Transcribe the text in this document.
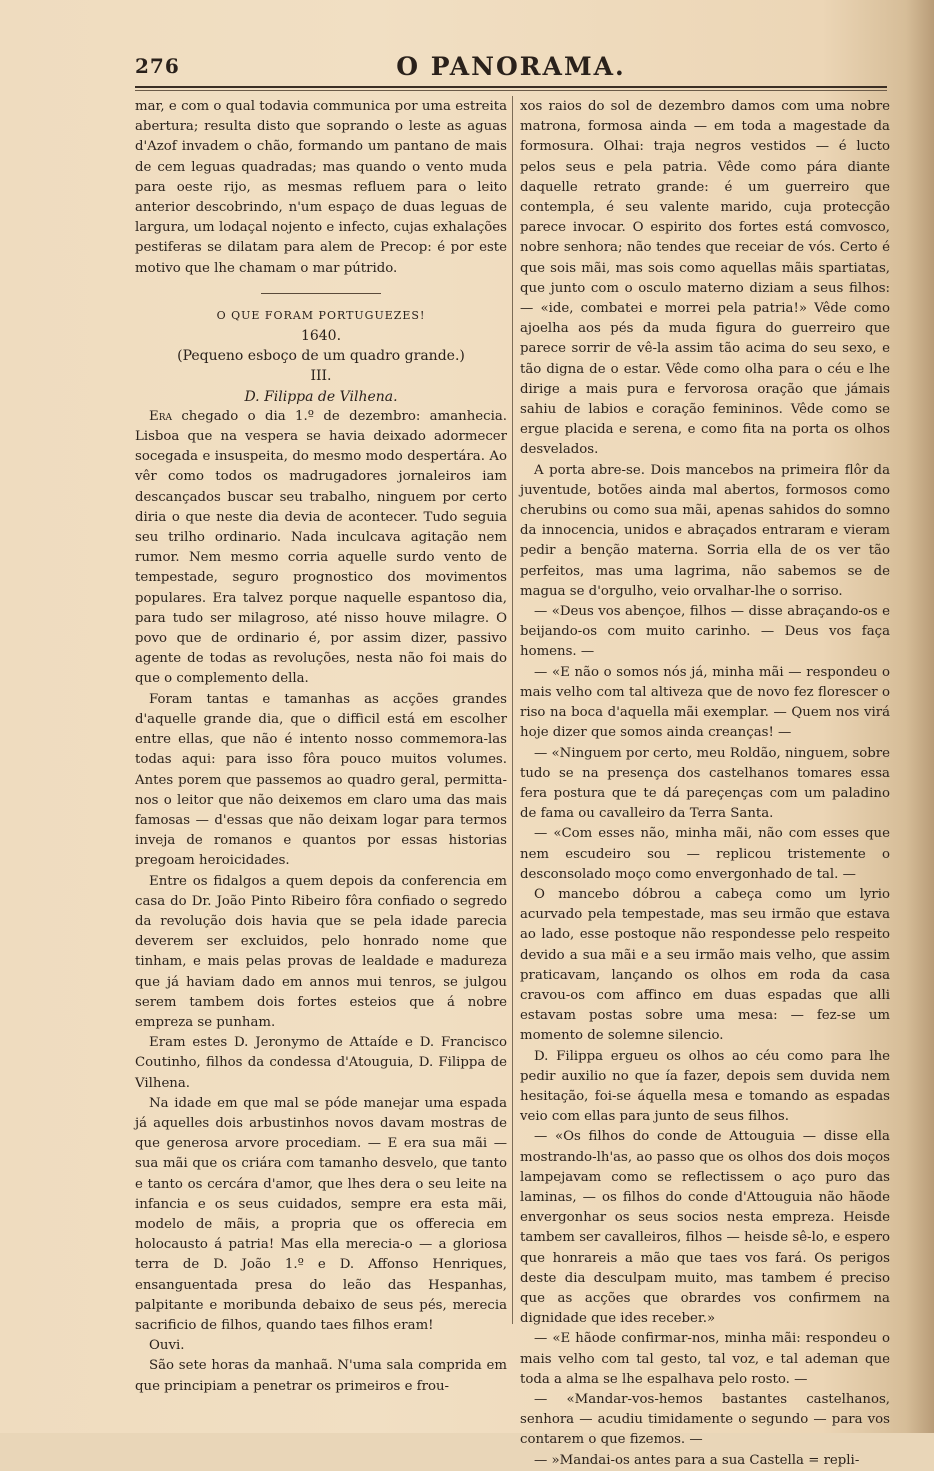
276	O PANORAMA.

mar, e com o qual todavia communica por uma estreita abertura; resulta disto que soprando o leste as aguas d'Azof invadem o chão, formando um pantano de mais de cem leguas quadradas; mas quando o vento muda para oeste rijo, as mesmas refluem para o leito anterior descobrindo, n'um espaço de duas leguas de largura, um lodaçal nojento e infecto, cujas exhalações pestiferas se dilatam para alem de Precop: é por este motivo que lhe chamam o mar pútrido.

O QUE FORAM PORTUGUEZES!

1640.

(Pequeno esboço de um quadro grande.)

III.

D. Filippa de Vilhena.

Era chegado o dia 1.º de dezembro: amanhecia. Lisboa que na vespera se havia deixado adormecer socegada e insuspeita, do mesmo modo despertára. Ao vêr como todos os madrugadores jornaleiros iam descançados buscar seu trabalho, ninguem por certo diria o que neste dia devia de acontecer. Tudo seguia seu trilho ordinario. Nada inculcava agitação nem rumor. Nem mesmo corria aquelle surdo vento de tempestade, seguro prognostico dos movimentos populares. Era talvez porque naquelle espantoso dia, para tudo ser milagroso, até nisso houve milagre. O povo que de ordinario é, por assim dizer, passivo agente de todas as revoluções, nesta não foi mais do que o complemento della.

Foram tantas e tamanhas as acções grandes d'aquelle grande dia, que o difficil está em escolher entre ellas, que não é intento nosso commemora-las todas aqui: para isso fôra pouco muitos volumes. Antes porem que passemos ao quadro geral, permitta-nos o leitor que não deixemos em claro uma das mais famosas — d'essas que não deixam logar para termos inveja de romanos e quantos por essas historias pregoam heroicidades.

Entre os fidalgos a quem depois da conferencia em casa do Dr. João Pinto Ribeiro fôra confiado o segredo da revolução dois havia que se pela idade parecia deverem ser excluidos, pelo honrado nome que tinham, e mais pelas provas de lealdade e madureza que já haviam dado em annos mui tenros, se julgou serem tambem dois fortes esteios que á nobre empreza se punham.

Eram estes D. Jeronymo de Attaíde e D. Francisco Coutinho, filhos da condessa d'Atouguia, D. Filippa de Vilhena.

Na idade em que mal se póde manejar uma espada já aquelles dois arbustinhos novos davam mostras de que generosa arvore procediam. — E era sua mãi — sua mãi que os criára com tamanho desvelo, que tanto e tanto os cercára d'amor, que lhes dera o seu leite na infancia e os seus cuidados, sempre era esta mãi, modelo de mãis, a propria que os offerecia em holocausto á patria! Mas ella merecia-o — a gloriosa terra de D. João 1.º e D. Affonso Henriques, ensanguentada presa do leão das Hespanhas, palpitante e moribunda debaixo de seus pés, merecia sacrificio de filhos, quando taes filhos eram!

Ouvi.

São sete horas da manhaã. N'uma sala comprida em que principiam a penetrar os primeiros e frou-

xos raios do sol de dezembro damos com uma nobre matrona, formosa ainda — em toda a magestade da formosura. Olhai: traja negros vestidos — é lucto pelos seus e pela patria. Vêde como pára diante daquelle retrato grande: é um guerreiro que contempla, é seu valente marido, cuja protecção parece invocar. O espirito dos fortes está comvosco, nobre senhora; não tendes que receiar de vós. Certo é que sois mãi, mas sois como aquellas mãis spartiatas, que junto com o osculo materno diziam a seus filhos: — «ide, combatei e morrei pela patria!» Vêde como ajoelha aos pés da muda figura do guerreiro que parece sorrir de vê-la assim tão acima do seu sexo, e tão digna de o estar. Vêde como olha para o céu e lhe dirige a mais pura e fervorosa oração que jámais sahiu de labios e coração femininos. Vêde como se ergue placida e serena, e como fita na porta os olhos desvelados.

A porta abre-se. Dois mancebos na primeira flôr da juventude, botões ainda mal abertos, formosos como cherubins ou como sua mãi, apenas sahidos do somno da innocencia, unidos e abraçados entraram e vieram pedir a benção materna. Sorria ella de os ver tão perfeitos, mas uma lagrima, não sabemos se de magua se d'orgulho, veio orvalhar-lhe o sorriso.

— «Deus vos abençoe, filhos — disse abraçando-os e beijando-os com muito carinho. — Deus vos faça homens. —

— «E não o somos nós já, minha mãi — respondeu o mais velho com tal altiveza que de novo fez florescer o riso na boca d'aquella mãi exemplar. — Quem nos virá hoje dizer que somos ainda creanças! —

— «Ninguem por certo, meu Roldão, ninguem, sobre tudo se na presença dos castelhanos tomares essa fera postura que te dá pareçenças com um paladino de fama ou cavalleiro da Terra Santa.

— «Com esses não, minha mãi, não com esses que nem escudeiro sou — replicou tristemente o desconsolado moço como envergonhado de tal. —

O mancebo dóbrou a cabeça como um lyrio acurvado pela tempestade, mas seu irmão que estava ao lado, esse postoque não respondesse pelo respeito devido a sua mãi e a seu irmão mais velho, que assim praticavam, lançando os olhos em roda da casa cravou-os com affinco em duas espadas que alli estavam postas sobre uma mesa: — fez-se um momento de solemne silencio.

D. Filippa ergueu os olhos ao céu como para lhe pedir auxilio no que ía fazer, depois sem duvida nem hesitação, foi-se áquella mesa e tomando as espadas veio com ellas para junto de seus filhos.

— «Os filhos do conde de Attouguia — disse ella mostrando-lh'as, ao passo que os olhos dos dois moços lampejavam como se reflectissem o aço puro das laminas, — os filhos do conde d'Attouguia não hãode envergonhar os seus socios nesta empreza. Heisde tambem ser cavalleiros, filhos — heisde sê-lo, e espero que honrareis a mão que taes vos fará. Os perigos deste dia desculpam muito, mas tambem é preciso que as acções que obrardes vos confirmem na dignidade que ides receber.»

— «E hãode confirmar-nos, minha mãi: respondeu o mais velho com tal gesto, tal voz, e tal ademan que toda a alma se lhe espalhava pelo rosto. —

— «Mandar-vos-hemos bastantes castelhanos, senhora — acudiu timidamente o segundo — para vos contarem o que fizemos. —

— »Mandai-os antes para a sua Castella = repli-
